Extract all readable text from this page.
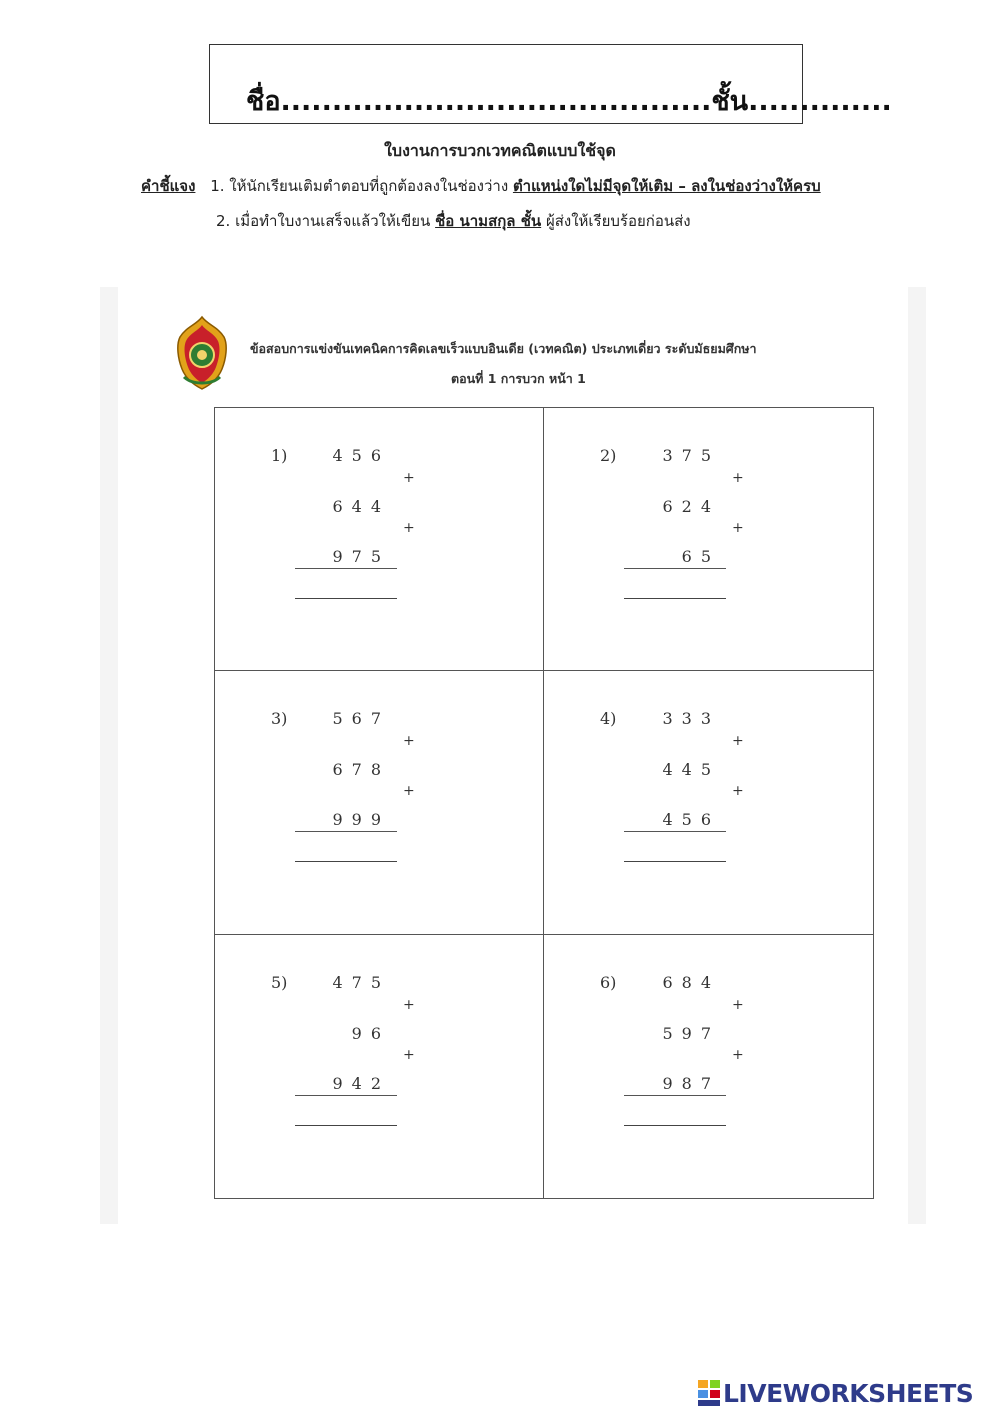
ชื่อ..........................................ชั้น..............
ใบงานการบวกเวทคณิตแบบใช้จุด
คำชี้แจง 1. ให้นักเรียนเติมตำตอบที่ถูกต้องลงในช่องว่าง ตำแหน่งใดไม่มีจุดให้เติม – ลงในช่องว่างให้ครบ
2. เมื่อทำใบงานเสร็จแล้วให้เขียน ชื่อ นามสกุล ชั้น ผู้ส่งให้เรียบร้อยก่อนส่ง
ข้อสอบการแข่งขันเทคนิคการคิดเลขเร็วแบบอินเดีย (เวทคณิต) ประเภทเดี่ยว ระดับมัธยมศึกษา
ตอนที่ 1 การบวก หน้า 1
1)	456
+
644
+
975
2)	375
+
624
+
65
3)	567
+
678
+
999
4)	333
+
445
+
456
5)	475
+
96
+
942
6)	684
+
597
+
987
LIVEWORKSHEETS
